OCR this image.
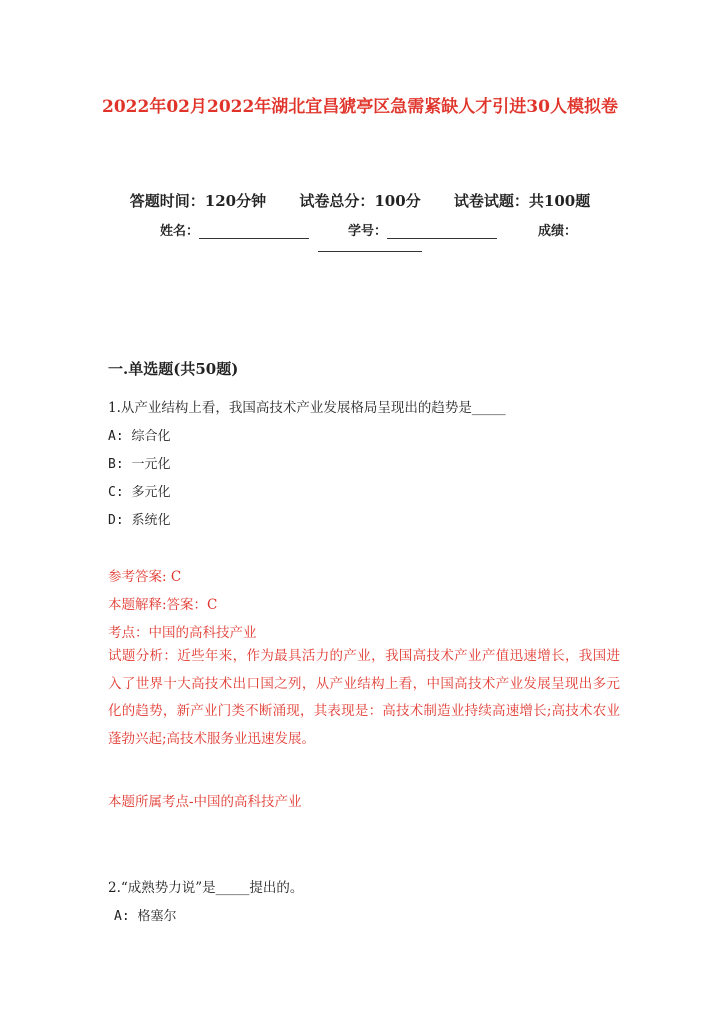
2022年02月2022年湖北宜昌猇亭区急需紧缺人才引进30人模拟卷
答题时间：120分钟 试卷总分：100分 试卷试题：共100题
姓名：	学号：	成绩：
一.单选题(共50题)
1.从产业结构上看，我国高技术产业发展格局呈现出的趋势是_____
A: 综合化
B: 一元化
C: 多元化
D: 系统化
参考答案: C
本题解释:答案：C
考点：中国的高科技产业
试题分析：近些年来，作为最具活力的产业，我国高技术产业产值迅速增长，我国进入了世界十大高技术出口国之列，从产业结构上看，中国高技术产业发展呈现出多元化的趋势，新产业门类不断涌现，其表现是：高技术制造业持续高速增长;高技术农业蓬勃兴起;高技术服务业迅速发展。
本题所属考点-中国的高科技产业
2.“成熟势力说”是_____提出的。
A: 格塞尔
